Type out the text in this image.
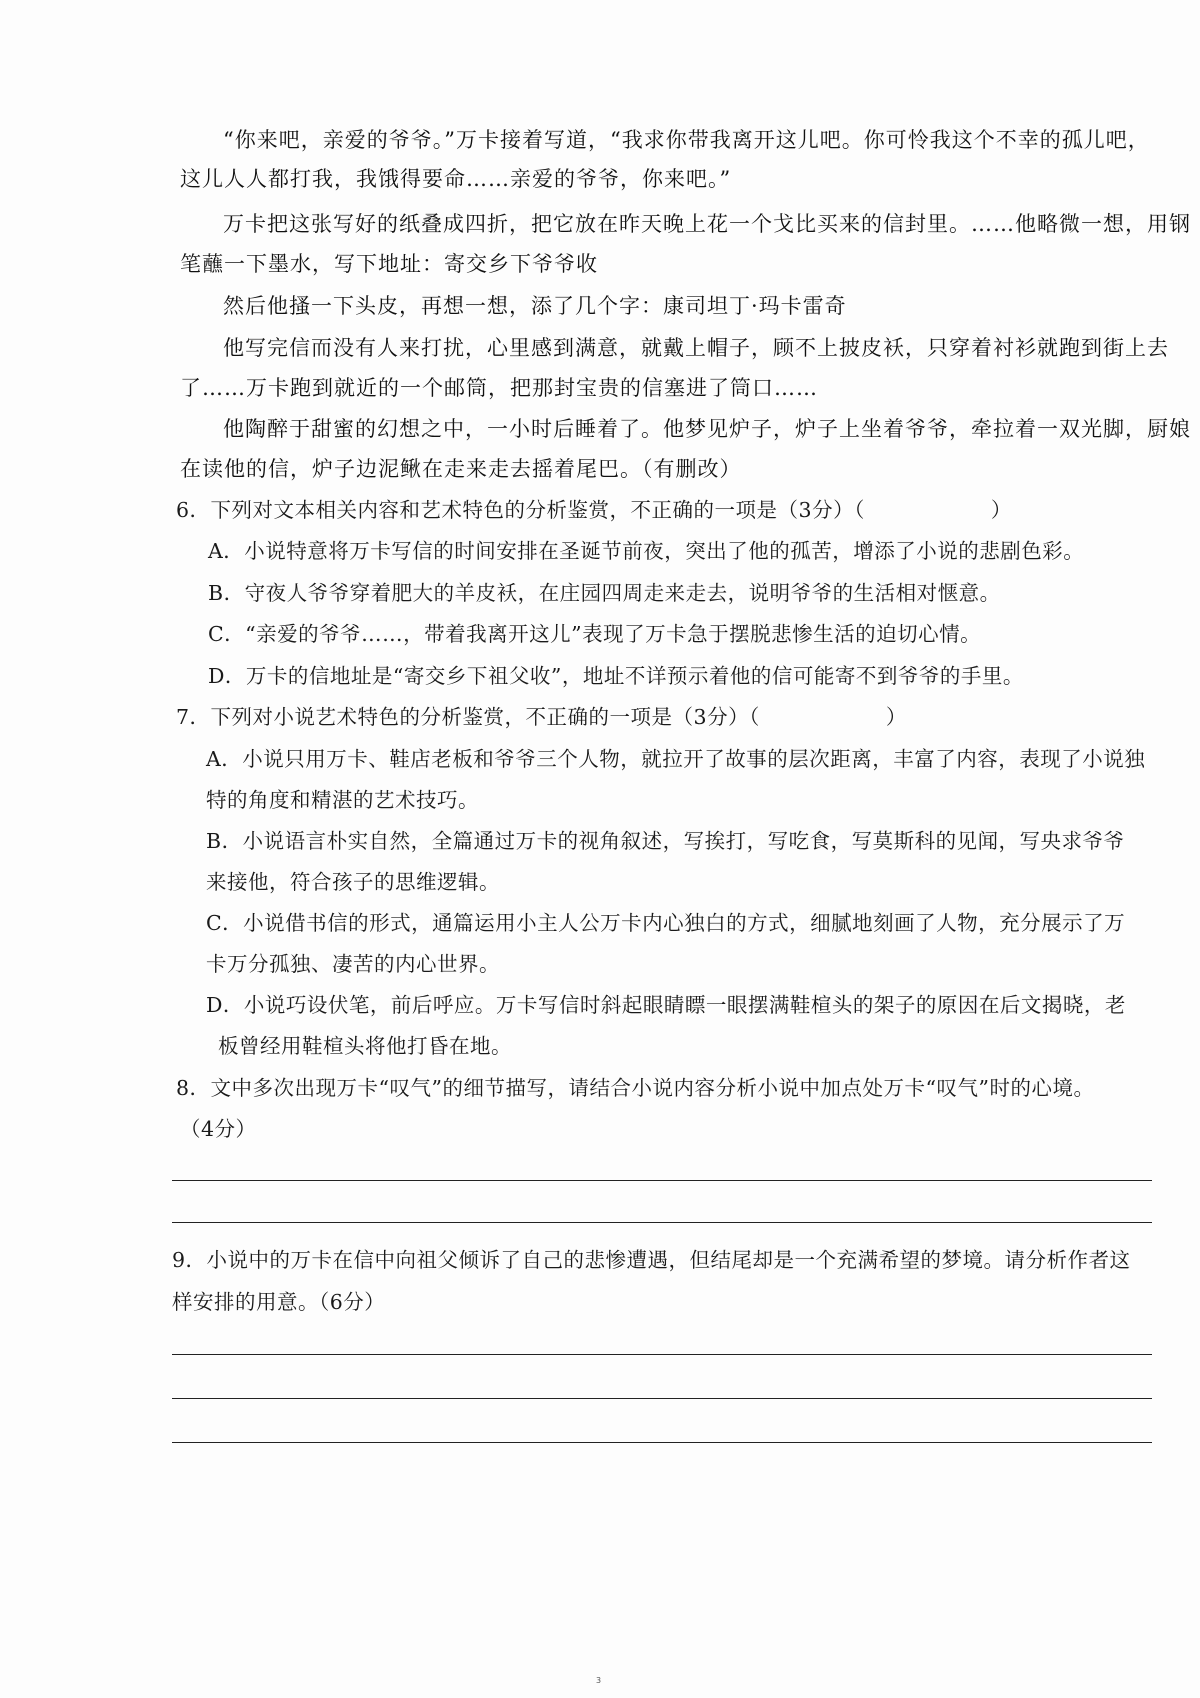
“你来吧，亲爱的爷爷。”万卡接着写道，“我求你带我离开这儿吧。你可怜我这个不幸的孤儿吧，
这儿人人都打我，我饿得要命……亲爱的爷爷，你来吧。”
万卡把这张写好的纸叠成四折，把它放在昨天晚上花一个戈比买来的信封里。……他略微一想，用钢
笔蘸一下墨水，写下地址：寄交乡下爷爷收
然后他搔一下头皮，再想一想，添了几个字：康司坦丁·玛卡雷奇
他写完信而没有人来打扰，心里感到满意，就戴上帽子，顾不上披皮袄，只穿着衬衫就跑到街上去
了……万卡跑到就近的一个邮筒，把那封宝贵的信塞进了筒口……
他陶醉于甜蜜的幻想之中，一小时后睡着了。他梦见炉子，炉子上坐着爷爷，牵拉着一双光脚，厨娘
在读他的信，炉子边泥鳅在走来走去摇着尾巴。（有删改）
6．下列对文本相关内容和艺术特色的分析鉴赏，不正确的一项是（3分）（　　　　　　）
A．小说特意将万卡写信的时间安排在圣诞节前夜，突出了他的孤苦，增添了小说的悲剧色彩。
B．守夜人爷爷穿着肥大的羊皮袄，在庄园四周走来走去，说明爷爷的生活相对惬意。
C．“亲爱的爷爷……，带着我离开这儿”表现了万卡急于摆脱悲惨生活的迫切心情。
D．万卡的信地址是“寄交乡下祖父收”，地址不详预示着他的信可能寄不到爷爷的手里。
7．下列对小说艺术特色的分析鉴赏，不正确的一项是（3分）（　　　　　　）
A．小说只用万卡、鞋店老板和爷爷三个人物，就拉开了故事的层次距离，丰富了内容，表现了小说独
特的角度和精湛的艺术技巧。
B．小说语言朴实自然，全篇通过万卡的视角叙述，写挨打，写吃食，写莫斯科的见闻，写央求爷爷
来接他，符合孩子的思维逻辑。
C．小说借书信的形式，通篇运用小主人公万卡内心独白的方式，细腻地刻画了人物，充分展示了万
卡万分孤独、凄苦的内心世界。
D．小说巧设伏笔，前后呼应。万卡写信时斜起眼睛瞟一眼摆满鞋楦头的架子的原因在后文揭晓，老
板曾经用鞋楦头将他打昏在地。
8．文中多次出现万卡“叹气”的细节描写，请结合小说内容分析小说中加点处万卡“叹气”时的心境。
（4分）
9．小说中的万卡在信中向祖父倾诉了自己的悲惨遭遇，但结尾却是一个充满希望的梦境。请分析作者这
样安排的用意。（6分）
3
